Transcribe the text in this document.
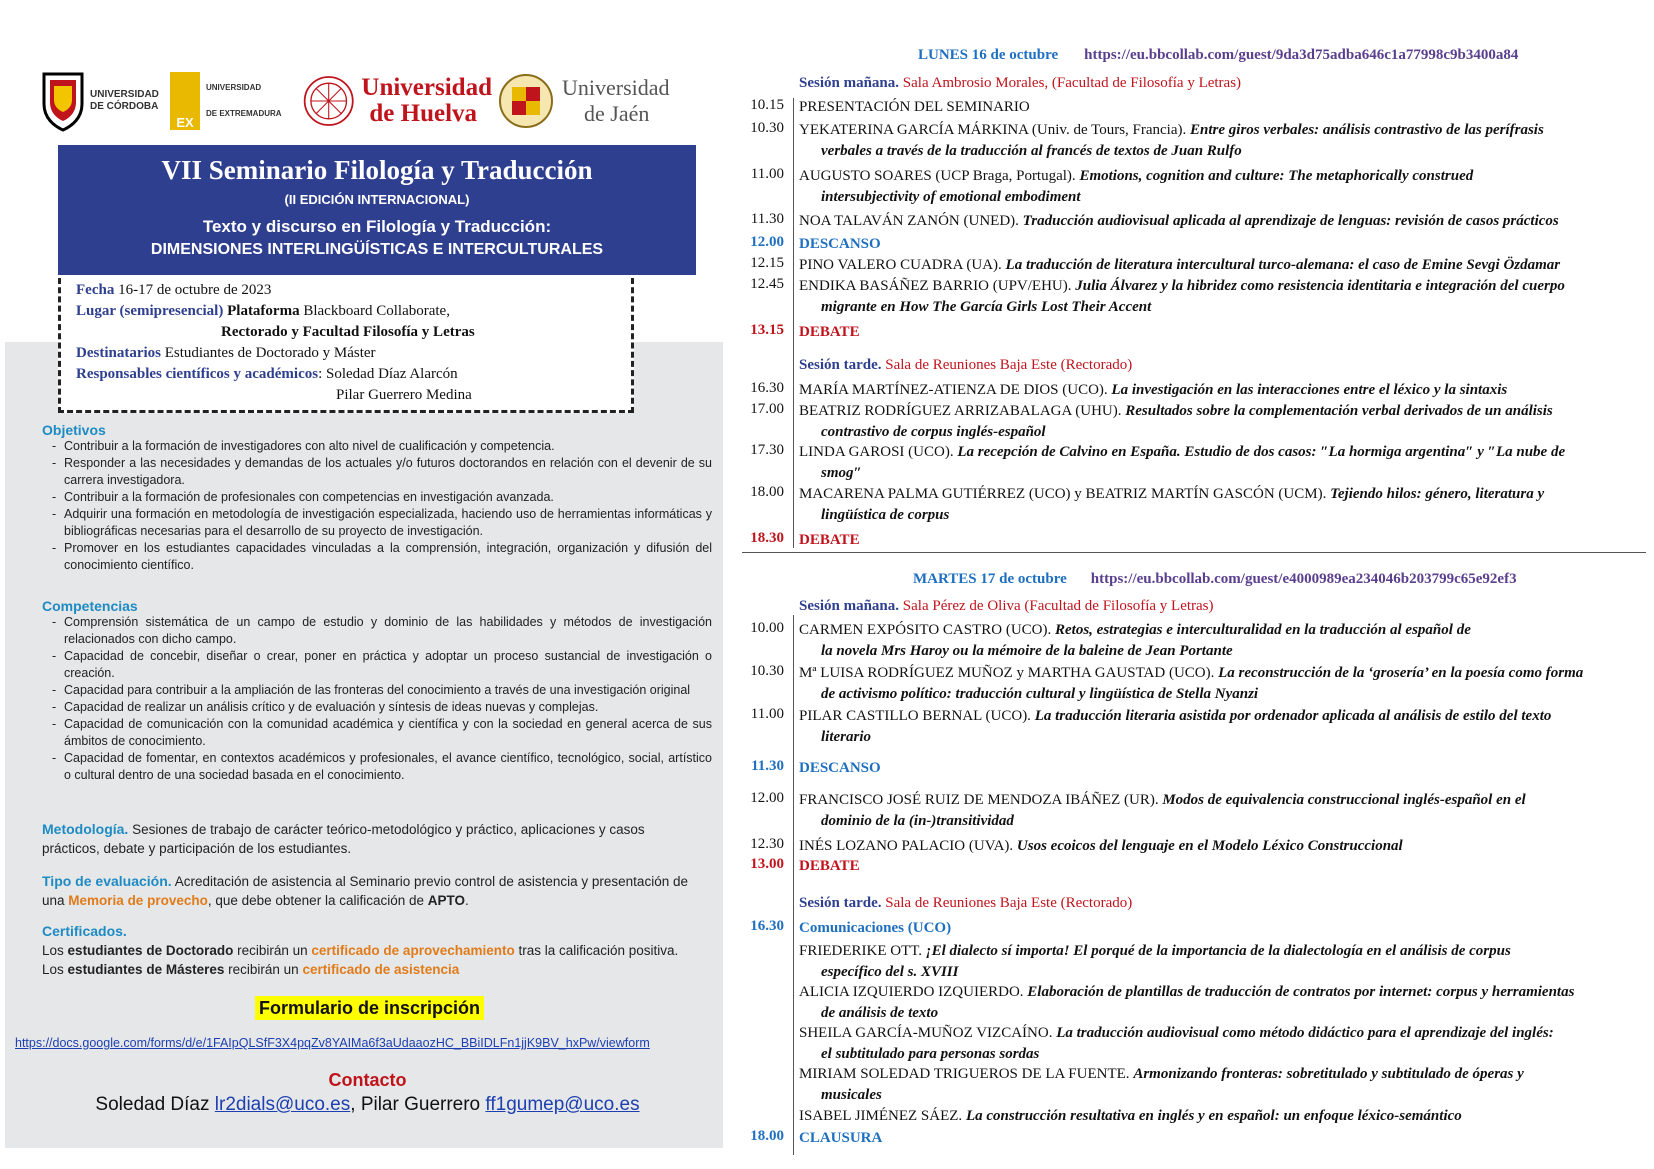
UNIVERSIDAD DE CÓRDOBA
EX
UNIVERSIDAD
DE EXTREMADURA
Universidad
de Huelva
Universidad
de Jaén
VII Seminario Filología y Traducción
(II EDICIÓN INTERNACIONAL)
Texto y discurso en Filología y Traducción:
DIMENSIONES INTERLINGÜÍSTICAS E INTERCULTURALES
Fecha 16-17 de octubre de 2023
Lugar (semipresencial) Plataforma Blackboard Collaborate,
Rectorado y Facultad Filosofía y Letras
Destinatarios Estudiantes de Doctorado y Máster
Responsables científicos y académicos: Soledad Díaz Alarcón
Pilar Guerrero Medina
Objetivos
- Contribuir a la formación de investigadores con alto nivel de cualificación y competencia.
- Responder a las necesidades y demandas de los actuales y/o futuros doctorandos en relación con el devenir de su carrera investigadora.
- Contribuir a la formación de profesionales con competencias en investigación avanzada.
- Adquirir una formación en metodología de investigación especializada, haciendo uso de herramientas informáticas y bibliográficas necesarias para el desarrollo de su proyecto de investigación.
- Promover en los estudiantes capacidades vinculadas a la comprensión, integración, organización y difusión del conocimiento científico.
Competencias
- Comprensión sistemática de un campo de estudio y dominio de las habilidades y métodos de investigación relacionados con dicho campo.
- Capacidad de concebir, diseñar o crear, poner en práctica y adoptar un proceso sustancial de investigación o creación.
- Capacidad para contribuir a la ampliación de las fronteras del conocimiento a través de una investigación original
- Capacidad de realizar un análisis crítico y de evaluación y síntesis de ideas nuevas y complejas.
- Capacidad de comunicación con la comunidad académica y científica y con la sociedad en general acerca de sus ámbitos de conocimiento.
- Capacidad de fomentar, en contextos académicos y profesionales, el avance científico, tecnológico, social, artístico o cultural dentro de una sociedad basada en el conocimiento.
Metodología. Sesiones de trabajo de carácter teórico-metodológico y práctico, aplicaciones y casos prácticos, debate y participación de los estudiantes.
Tipo de evaluación. Acreditación de asistencia al Seminario previo control de asistencia y presentación de una Memoria de provecho, que debe obtener la calificación de APTO.
Certificados.
Los estudiantes de Doctorado recibirán un certificado de aprovechamiento tras la calificación positiva.
Los estudiantes de Másteres recibirán un certificado de asistencia
Formulario de inscripción
https://docs.google.com/forms/d/e/1FAIpQLSfF3X4pqZv8YAIMa6f3aUdaaozHC_BBiIDLFn1jjK9BV_hxPw/viewform
Contacto
Soledad Díaz lr2dials@uco.es, Pilar Guerrero ff1gumep@uco.es
LUNES 16 de octubre https://eu.bbcollab.com/guest/9da3d75adba646c1a77998c9b3400a84
Sesión mañana. Sala Ambrosio Morales, (Facultad de Filosofía y Letras)
10.15 PRESENTACIÓN DEL SEMINARIO
10.30 YEKATERINA GARCÍA MÁRKINA (Univ. de Tours, Francia). Entre giros verbales: análisis contrastivo de las perífrasis
verbales a través de la traducción al francés de textos de Juan Rulfo
11.00 AUGUSTO SOARES (UCP Braga, Portugal). Emotions, cognition and culture: The metaphorically construed
intersubjectivity of emotional embodiment
11.30 NOA TALAVÁN ZANÓN (UNED). Traducción audiovisual aplicada al aprendizaje de lenguas: revisión de casos prácticos
12.15 PINO VALERO CUADRA (UA). La traducción de literatura intercultural turco-alemana: el caso de Emine Sevgi Özdamar
12.45 ENDIKA BASÁÑEZ BARRIO (UPV/EHU). Julia Álvarez y la hibridez como resistencia identitaria e integración del cuerpo
migrante en How The García Girls Lost Their Accent
12.00 DESCANSO
13.15 DEBATE
Sesión tarde. Sala de Reuniones Baja Este (Rectorado)
16.30 MARÍA MARTÍNEZ-ATIENZA DE DIOS (UCO). La investigación en las interacciones entre el léxico y la sintaxis
17.00 BEATRIZ RODRÍGUEZ ARRIZABALAGA (UHU). Resultados sobre la complementación verbal derivados de un análisis
contrastivo de corpus inglés-español
17.30 LINDA GAROSI (UCO). La recepción de Calvino en España. Estudio de dos casos: ″La hormiga argentina″ y ″La nube de
smog″
18.00 MACARENA PALMA GUTIÉRREZ (UCO) y BEATRIZ MARTÍN GASCÓN (UCM). Tejiendo hilos: género, literatura y
lingüística de corpus
18.30 DEBATE
MARTES 17 de octubre https://eu.bbcollab.com/guest/e4000989ea234046b203799c65e92ef3
Sesión mañana. Sala Pérez de Oliva (Facultad de Filosofía y Letras)
10.00 CARMEN EXPÓSITO CASTRO (UCO). Retos, estrategias e interculturalidad en la traducción al español de
la novela Mrs Haroy ou la mémoire de la baleine de Jean Portante
10.30 Mª LUISA RODRÍGUEZ MUÑOZ y MARTHA GAUSTAD (UCO). La reconstrucción de la ‘grosería’ en la poesía como forma
de activismo político: traducción cultural y lingüística de Stella Nyanzi
11.00 PILAR CASTILLO BERNAL (UCO). La traducción literaria asistida por ordenador aplicada al análisis de estilo del texto
literario
12.00 FRANCISCO JOSÉ RUIZ DE MENDOZA IBÁÑEZ (UR). Modos de equivalencia construccional inglés-español en el
dominio de la (in-)transitividad
12.30 INÉS LOZANO PALACIO (UVA). Usos ecoicos del lenguaje en el Modelo Léxico Construccional
11.30 DESCANSO
13.00 DEBATE
Sesión tarde. Sala de Reuniones Baja Este (Rectorado)
16.30 Comunicaciones (UCO)
FRIEDERIKE OTT. ¡El dialecto sí importa! El porqué de la importancia de la dialectología en el análisis de corpus
específico del s. XVIII
ALICIA IZQUIERDO IZQUIERDO. Elaboración de plantillas de traducción de contratos por internet: corpus y herramientas
de análisis de texto
SHEILA GARCÍA-MUÑOZ VIZCAÍNO. La traducción audiovisual como método didáctico para el aprendizaje del inglés:
el subtitulado para personas sordas
MIRIAM SOLEDAD TRIGUEROS DE LA FUENTE. Armonizando fronteras: sobretitulado y subtitulado de óperas y
musicales
ISABEL JIMÉNEZ SÁEZ. La construcción resultativa en inglés y en español: un enfoque léxico-semántico
18.00 CLAUSURA
